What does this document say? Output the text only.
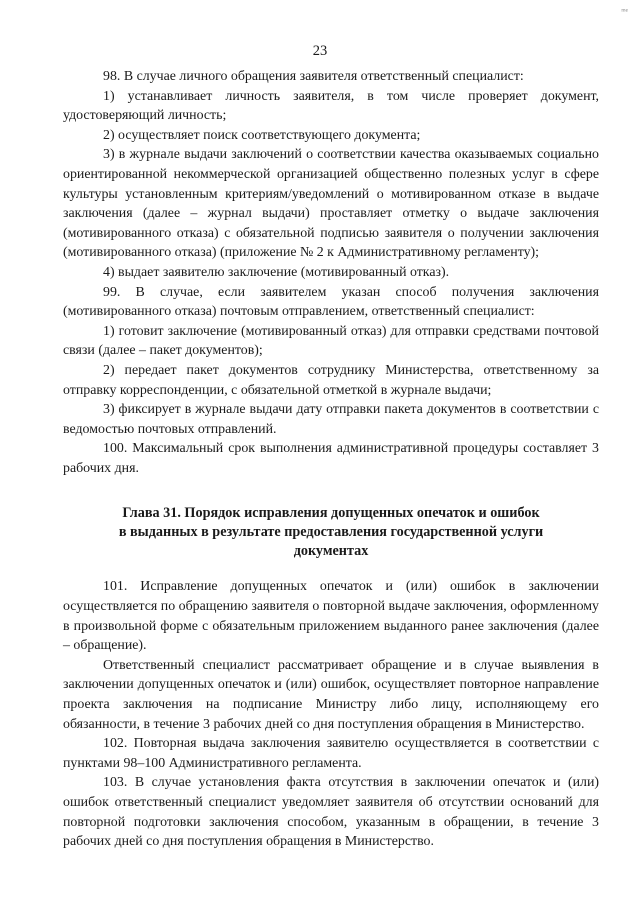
ᵐᵉ
23

98. В случае личного обращения заявителя ответственный специалист:

1) устанавливает личность заявителя, в том числе проверяет документ, удостоверяющий личность;

2) осуществляет поиск соответствующего документа;

3) в журнале выдачи заключений о соответствии качества оказываемых социально ориентированной некоммерческой организацией общественно полезных услуг в сфере культуры установленным критериям/уведомлений о мотивированном отказе в выдаче заключения (далее – журнал выдачи) проставляет отметку о выдаче заключения (мотивированного отказа) с обязательной подписью заявителя о получении заключения (мотивированного отказа) (приложение № 2 к Административному регламенту);

4) выдает заявителю заключение (мотивированный отказ).

99. В случае, если заявителем указан способ получения заключения (мотивированного отказа) почтовым отправлением, ответственный специалист:

1) готовит заключение (мотивированный отказ) для отправки средствами почтовой связи (далее – пакет документов);

2) передает пакет документов сотруднику Министерства, ответственному за отправку корреспонденции, с обязательной отметкой в журнале выдачи;

3) фиксирует в журнале выдачи дату отправки пакета документов в соответствии с ведомостью почтовых отправлений.

100. Максимальный срок выполнения административной процедуры составляет 3 рабочих дня.

Глава 31. Порядок исправления допущенных опечаток и ошибок
в выданных в результате предоставления государственной услуги
документах

101. Исправление допущенных опечаток и (или) ошибок в заключении осуществляется по обращению заявителя о повторной выдаче заключения, оформленному в произвольной форме с обязательным приложением выданного ранее заключения (далее – обращение).

Ответственный специалист рассматривает обращение и в случае выявления в заключении допущенных опечаток и (или) ошибок, осуществляет повторное направление проекта заключения на подписание Министру либо лицу, исполняющему его обязанности, в течение 3 рабочих дней со дня поступления обращения в Министерство.

102. Повторная выдача заключения заявителю осуществляется в соответствии с пунктами 98–100 Административного регламента.

103. В случае установления факта отсутствия в заключении опечаток и (или) ошибок ответственный специалист уведомляет заявителя об отсутствии оснований для повторной подготовки заключения способом, указанным в обращении, в течение 3 рабочих дней со дня поступления обращения в Министерство.
